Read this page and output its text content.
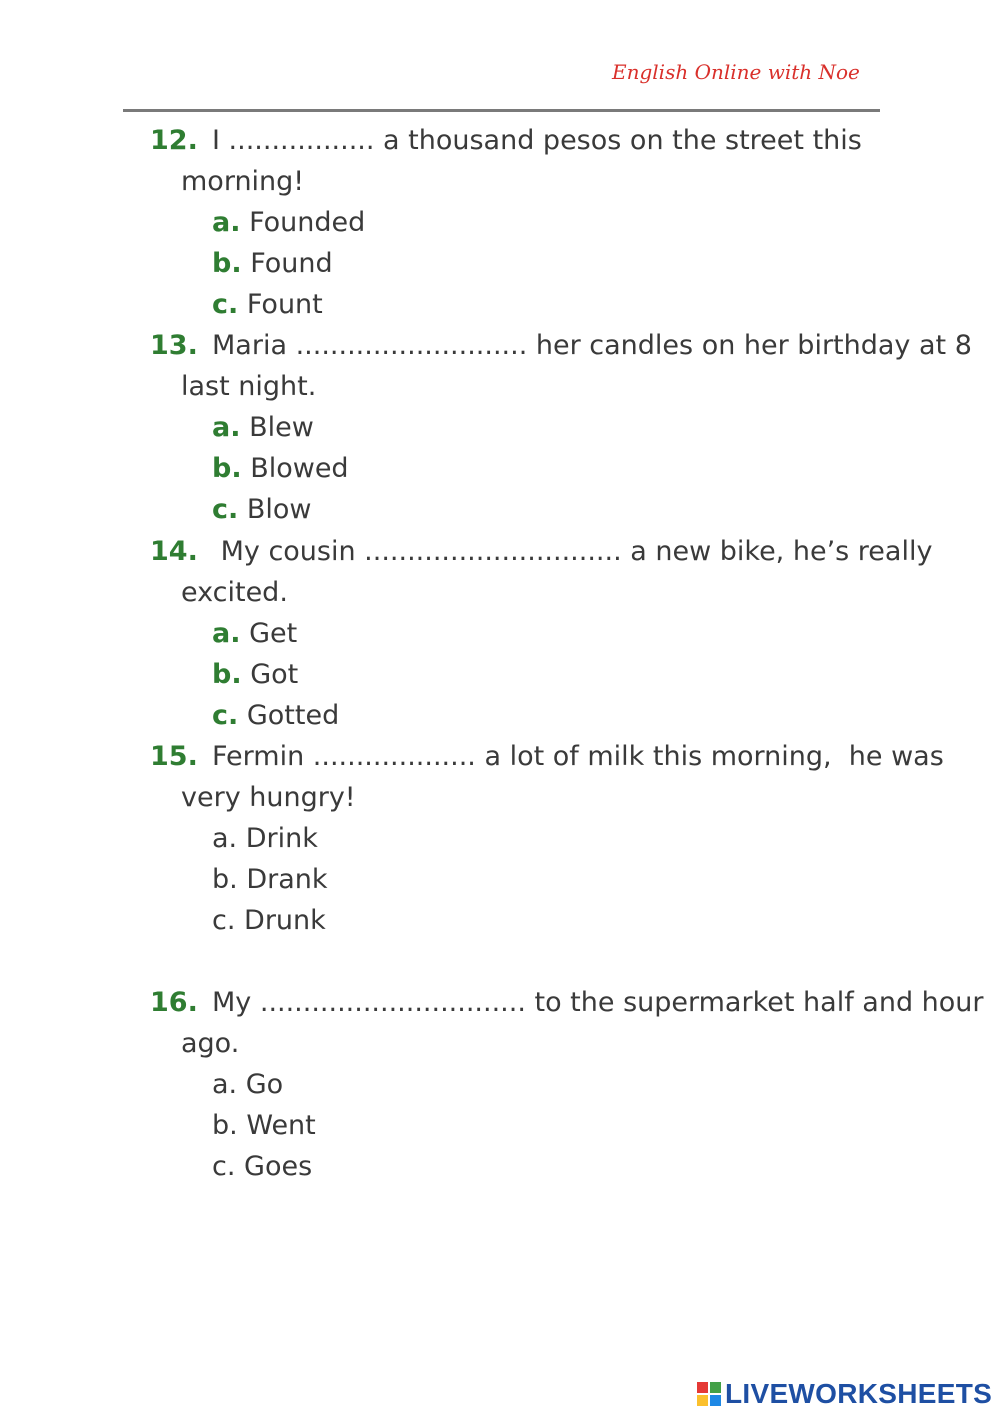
English Online with Noe
12. I ................. a thousand pesos on the street this
morning!
a. Founded
b. Found
c. Fount
13. Maria ........................... her candles on her birthday at 8
last night.
a. Blew
b. Blowed
c. Blow
14. My cousin .............................. a new bike, he’s really
excited.
a. Get
b. Got
c. Gotted
15. Fermin ................... a lot of milk this morning,  he was
very hungry!
a. Drink
b. Drank
c. Drunk
16. My ............................... to the supermarket half and hour
ago.
a. Go
b. Went
c. Goes
LIVEWORKSHEETS
